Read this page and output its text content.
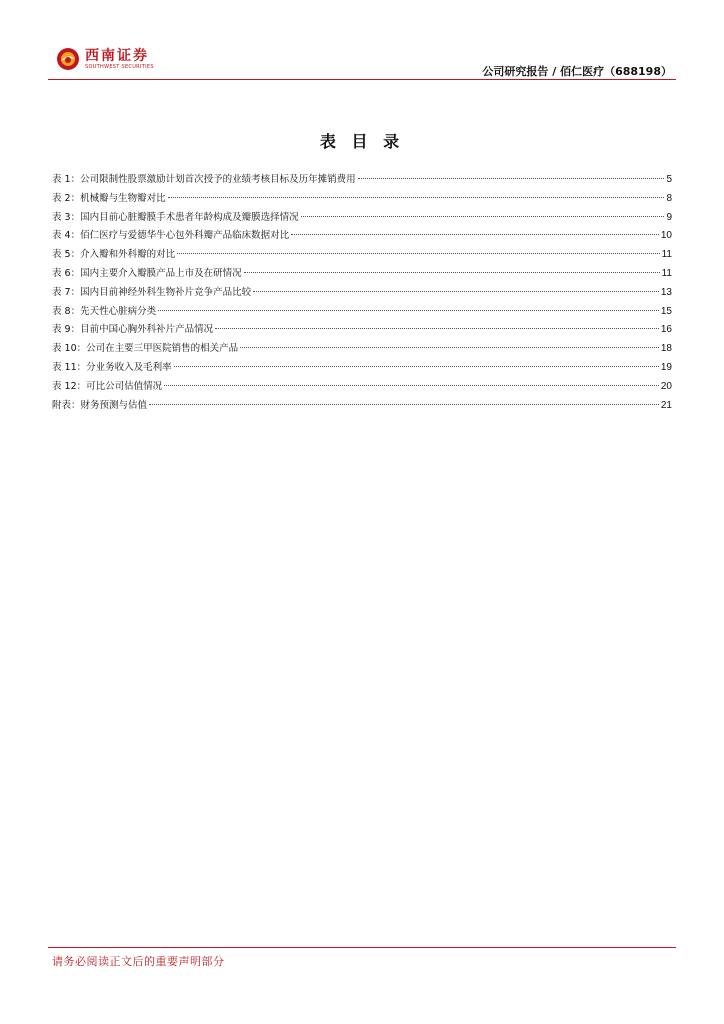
西南证券
SOUTHWEST SECURITIES	公司研究报告 / 佰仁医疗（688198）
表 目 录
表 1：公司限制性股票激励计划首次授予的业绩考核目标及历年摊销费用	5
表 2：机械瓣与生物瓣对比	8
表 3：国内目前心脏瓣膜手术患者年龄构成及瓣膜选择情况	9
表 4：佰仁医疗与爱德华牛心包外科瓣产品临床数据对比	10
表 5：介入瓣和外科瓣的对比	11
表 6：国内主要介入瓣膜产品上市及在研情况	11
表 7：国内目前神经外科生物补片竞争产品比较	13
表 8：先天性心脏病分类	15
表 9：目前中国心胸外科补片产品情况	16
表 10：公司在主要三甲医院销售的相关产品	18
表 11：分业务收入及毛利率	19
表 12：可比公司估值情况	20
附表：财务预测与估值	21
请务必阅读正文后的重要声明部分
